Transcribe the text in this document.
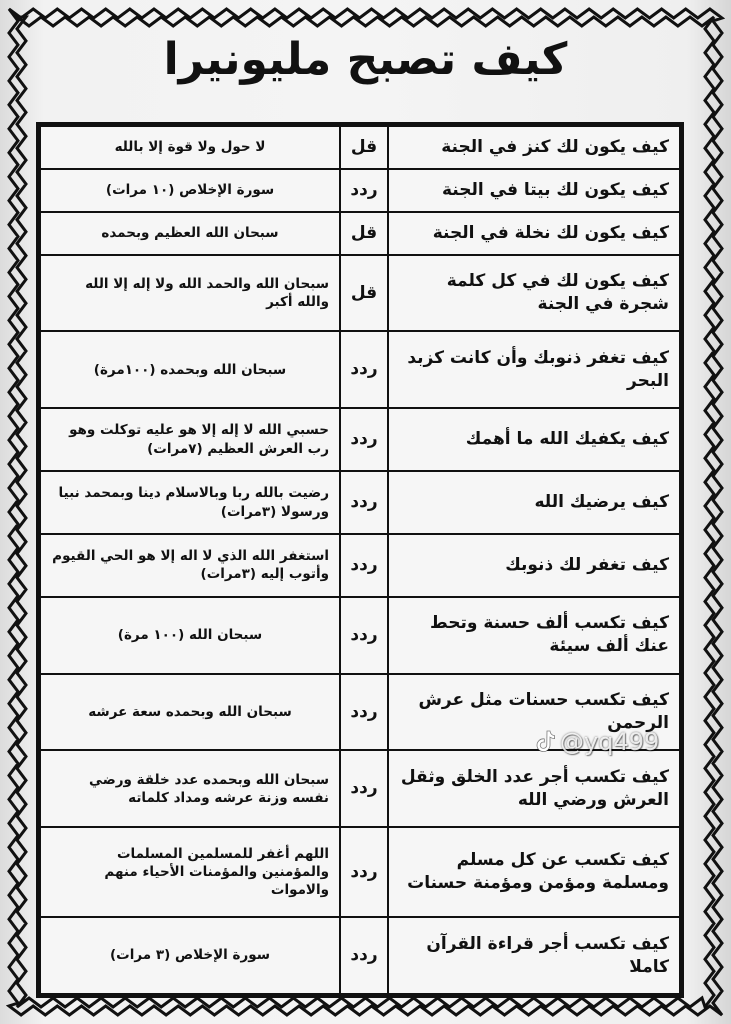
كيف تصبح مليونيرا
كيف يكون لك كنز في الجنة	قل	لا حول ولا قوة إلا بالله
كيف يكون لك بيتا في الجنة	ردد	سورة الإخلاص (١٠ مرات)
كيف يكون لك نخلة في الجنة	قل	سبحان الله العظيم وبحمده
كيف يكون لك في كل كلمة شجرة في الجنة	قل	سبحان الله والحمد الله ولا إله إلا الله والله أكبر
كيف تغفر ذنوبك وأن كانت كزبد البحر	ردد	سبحان الله وبحمده (١٠٠مرة)
كيف يكفيك الله ما أهمك	ردد	حسبي الله لا إله إلا هو عليه توكلت وهو رب العرش العظيم (٧مرات)
كيف يرضيك الله	ردد	رضيت بالله ربا وبالاسلام دينا وبمحمد نبيا ورسولا (٣مرات)
كيف تغفر لك ذنوبك	ردد	استغفر الله الذي لا اله إلا هو الحي القيوم وأتوب إليه (٣مرات)
كيف تكسب ألف حسنة وتحط عنك ألف سيئة	ردد	سبحان الله (١٠٠ مرة)
كيف تكسب حسنات مثل عرش الرحمن	ردد	سبحان الله وبحمده سعة عرشه
كيف تكسب أجر عدد الخلق وثقل العرش ورضي الله	ردد	سبحان الله وبحمده عدد خلقة ورضي نفسه وزنة عرشه ومداد كلماته
كيف تكسب عن كل مسلم ومسلمة ومؤمن ومؤمنة حسنات	ردد	اللهم أغفر للمسلمين المسلمات والمؤمنين والمؤمنات الأحياء منهم والاموات
كيف تكسب أجر قراءة القرآن كاملا	ردد	سورة الإخلاص (٣ مرات)
@yq499
